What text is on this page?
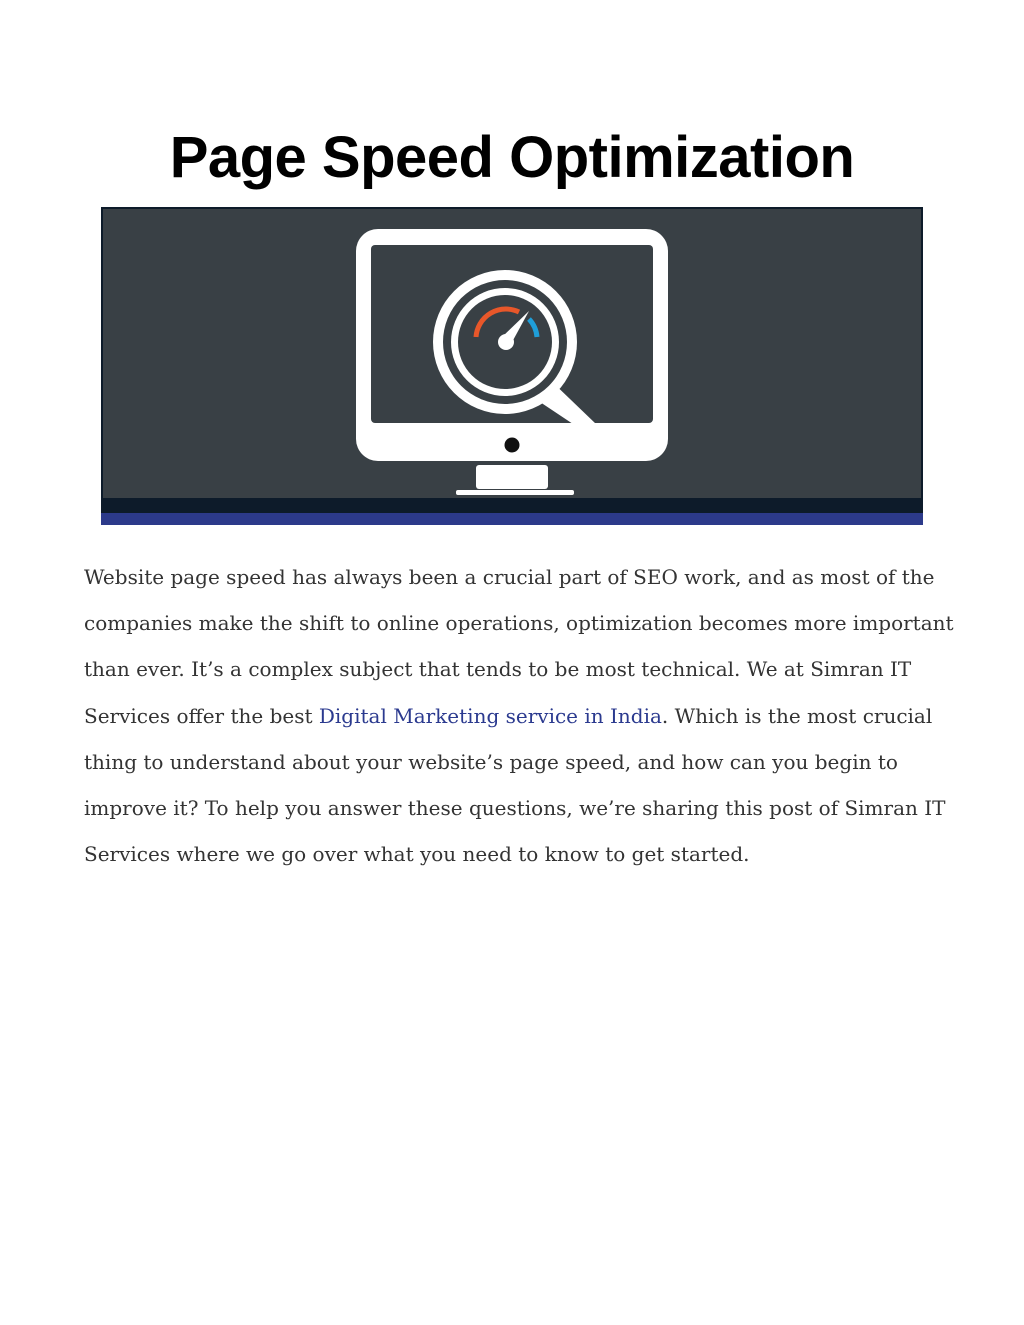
Page Speed Optimization

Website page speed has always been a crucial part of SEO work, and as most of the
companies make the shift to online operations, optimization becomes more important
than ever. It’s a complex subject that tends to be most technical. We at Simran IT
Services offer the best Digital Marketing service in India. Which is the most crucial
thing to understand about your website’s page speed, and how can you begin to
improve it? To help you answer these questions, we’re sharing this post of Simran IT
Services where we go over what you need to know to get started.
